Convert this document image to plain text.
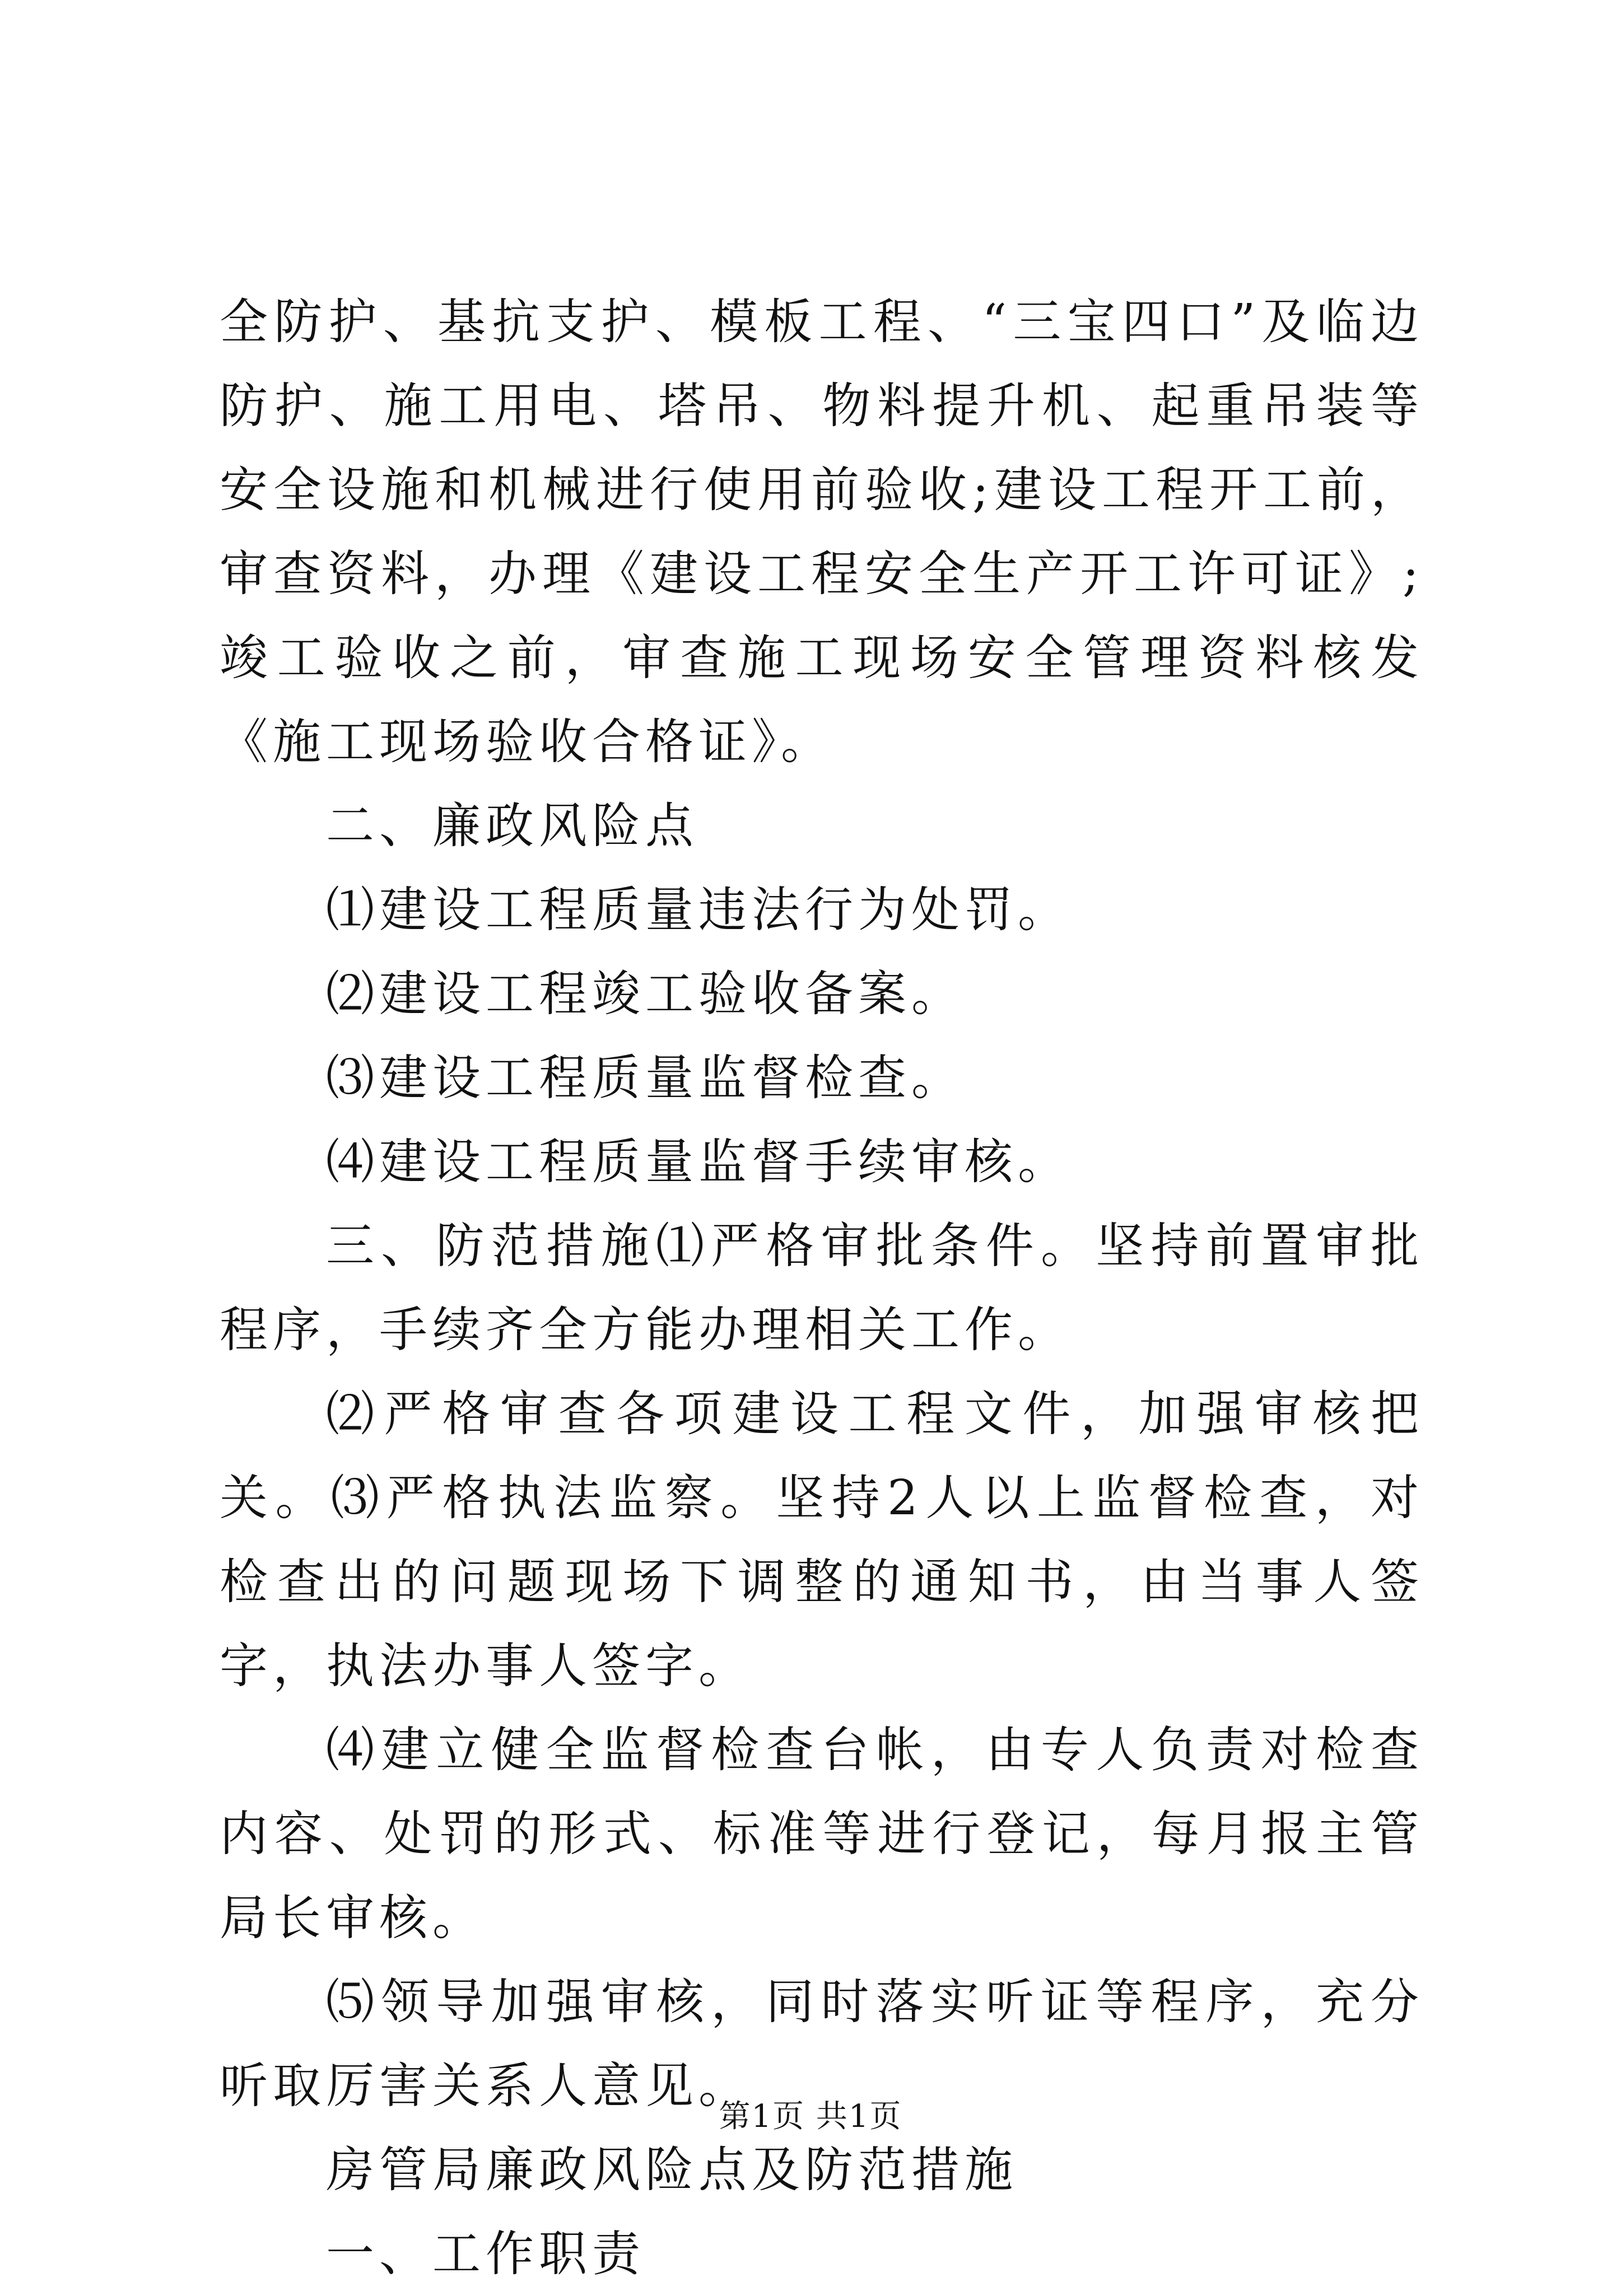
全防护、基抗支护、模板工程、“三宝四口”及临边防护、施工用电、塔吊、物料提升机、起重吊装等安全设施和机械进行使用前验收;建设工程开工前，审查资料，办理《建设工程安全生产开工许可证》;竣工验收之前，审查施工现场安全管理资料核发《施工现场验收合格证》。

二、廉政风险点

⑴建设工程质量违法行为处罚。

⑵建设工程竣工验收备案。

⑶建设工程质量监督检查。

⑷建设工程质量监督手续审核。

三、防范措施⑴严格审批条件。坚持前置审批程序，手续齐全方能办理相关工作。

⑵严格审查各项建设工程文件，加强审核把关。⑶严格执法监察。坚持2人以上监督检查，对检查出的问题现场下调整的通知书，由当事人签字，执法办事人签字。

⑷建立健全监督检查台帐，由专人负责对检查内容、处罚的形式、标准等进行登记，每月报主管局长审核。

⑸领导加强审核，同时落实听证等程序，充分听取厉害关系人意见。

房管局廉政风险点及防范措施

一、工作职责

第1页 共1页
